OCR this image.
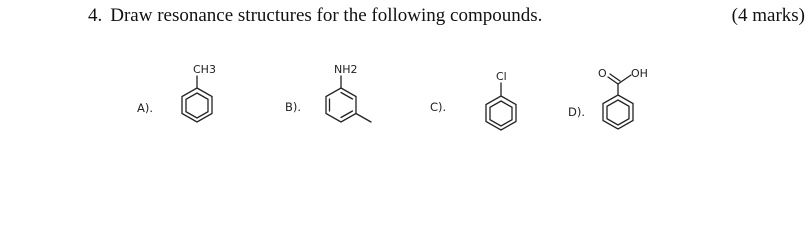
4. Draw resonance structures for the following compounds.	(4 marks)
A).	B).	C).	D).
CH3	NH2
Cl	O OH
